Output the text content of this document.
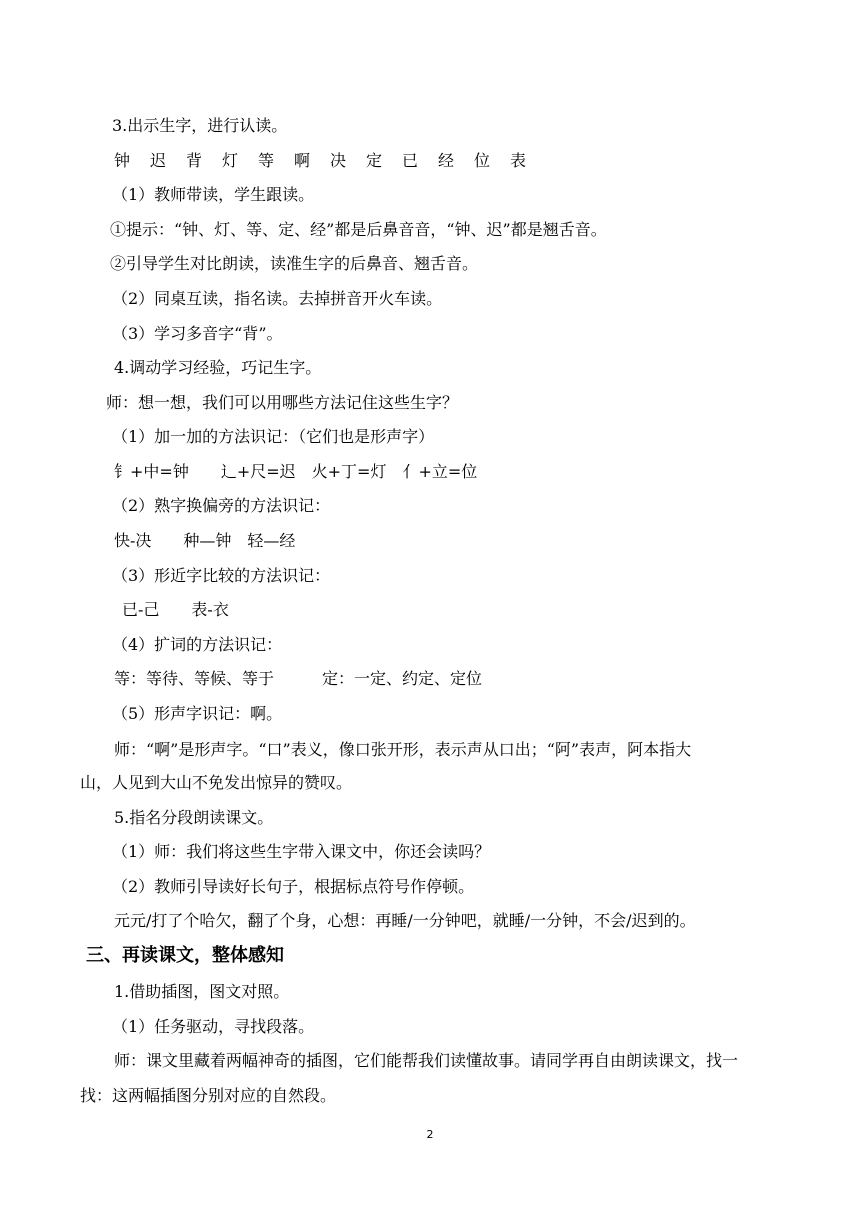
3.出示生字，进行认读。
钟　迟　背　灯　等　啊　决　定　已　经　位　表
（1）教师带读，学生跟读。
①提示：“钟、灯、等、定、经”都是后鼻音音，“钟、迟”都是翘舌音。
②引导学生对比朗读，读准生字的后鼻音、翘舌音。
（2）同桌互读，指名读。去掉拼音开火车读。
（3）学习多音字“背”。
4.调动学习经验，巧记生字。
师：想一想，我们可以用哪些方法记住这些生字？
（1）加一加的方法识记：（它们也是形声字）
钅+中=钟　　辶+尺=迟　火+丁=灯　亻+立=位
（2）熟字换偏旁的方法识记：
快-决　　种—钟　轻—经
（3）形近字比较的方法识记：
已-己　　表-衣
（4）扩词的方法识记：
等：等待、等候、等于　　　定：一定、约定、定位
（5）形声字识记：啊。
师：“啊”是形声字。“口”表义，像口张开形，表示声从口出；“阿”表声，阿本指大
山，人见到大山不免发出惊异的赞叹。
5.指名分段朗读课文。
（1）师：我们将这些生字带入课文中，你还会读吗？
（2）教师引导读好长句子，根据标点符号作停顿。
元元/打了个哈欠，翻了个身，心想：再睡/一分钟吧，就睡/一分钟，不会/迟到的。
三、再读课文，整体感知
1.借助插图，图文对照。
（1）任务驱动，寻找段落。
师：课文里藏着两幅神奇的插图，它们能帮我们读懂故事。请同学再自由朗读课文，找一
找：这两幅插图分别对应的自然段。
2
